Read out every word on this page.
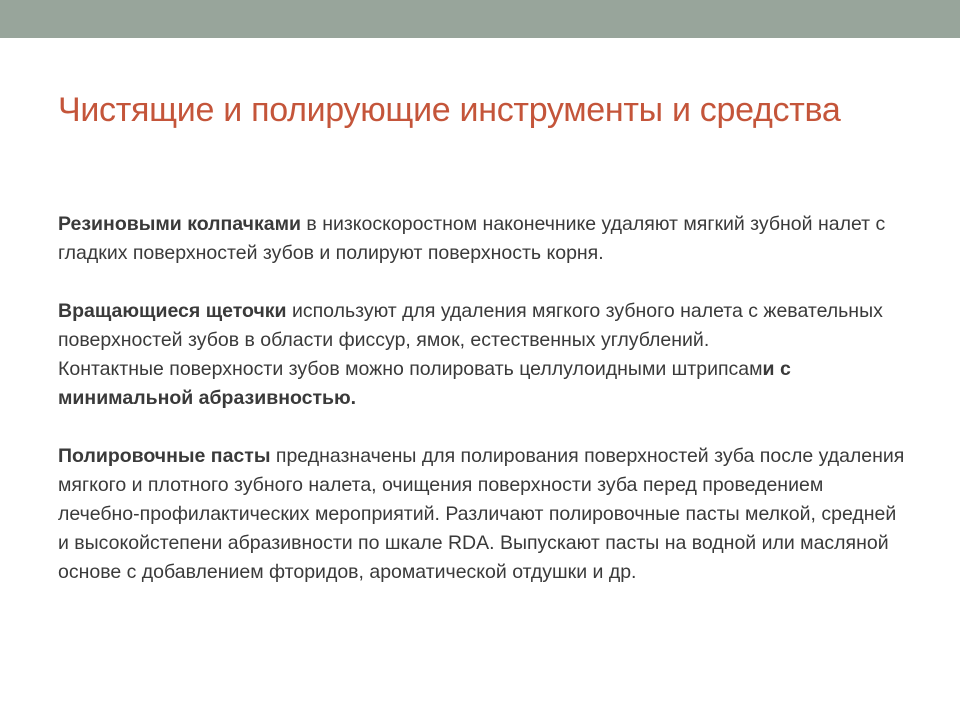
Чистящие и полирующие инструменты и средства

Резиновыми колпачками в низкоскоростном наконечнике удаляют мягкий зубной налет с гладких поверхностей зубов и полируют поверхность корня.

Вращающиеся щеточки используют для удаления мягкого зубного налета с жевательных поверхностей зубов в области фиссур, ямок, естественных углублений.

Контактные поверхности зубов можно полировать целлулоидными штрипсами с минимальной абразивностью.

Полировочные пасты предназначены для полирования поверхностей зуба после удаления мягкого и плотного зубного налета, очищения поверхности зуба перед проведением лечебно-профилактических мероприятий. Различают полировочные пасты мелкой, средней и высокойстепени абразивности по шкале RDA. Выпускают пасты на водной или масляной основе с добавлением фторидов, ароматической отдушки и др.
